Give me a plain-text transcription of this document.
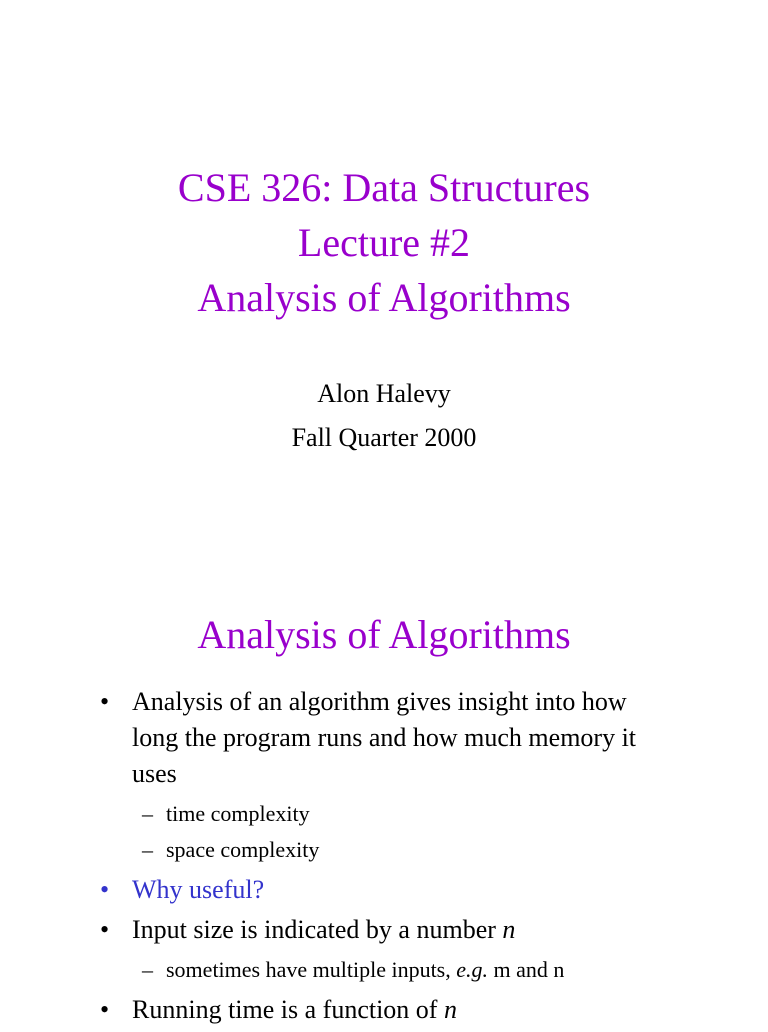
CSE 326: Data Structures
Lecture #2
Analysis of Algorithms
Alon Halevy
Fall Quarter 2000
Analysis of Algorithms
• Analysis of an algorithm gives insight into how long the program runs and how much memory it uses
– time complexity
– space complexity
• Why useful?
• Input size is indicated by a number n
– sometimes have multiple inputs, e.g. m and n
• Running time is a function of n
